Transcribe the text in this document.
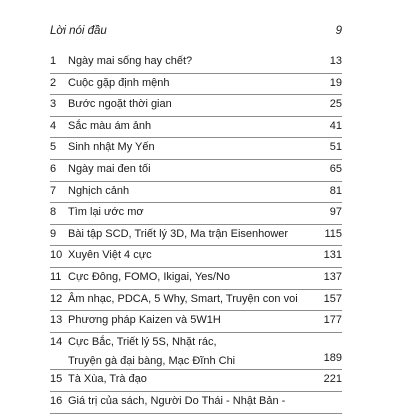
Lời nói đầu	9
1	Ngày mai sống hay chết?	13
2	Cuộc gặp định mệnh	19
3	Bước ngoặt thời gian	25
4	Sắc màu ám ảnh	41
5	Sinh nhật My Yến	51
6	Ngày mai đen tối	65
7	Nghịch cảnh	81
8	Tìm lại ước mơ	97
9	Bài tập SCD, Triết lý 3D, Ma trận Eisenhower	115
10 Xuyên Việt 4 cực	131
11 Cực Đông, FOMO, Ikigai, Yes/No	137
12 Âm nhạc, PDCA, 5 Why, Smart, Truyện con voi 157
13 Phương pháp Kaizen và 5W1H	177
14 Cực Bắc, Triết lý 5S, Nhặt rác,
Truyện gà đại bàng, Mạc Đĩnh Chi	189
15 Tà Xùa, Trà đạo	221
16 Giá trị của sách, Người Do Thái - Nhật Bản -
